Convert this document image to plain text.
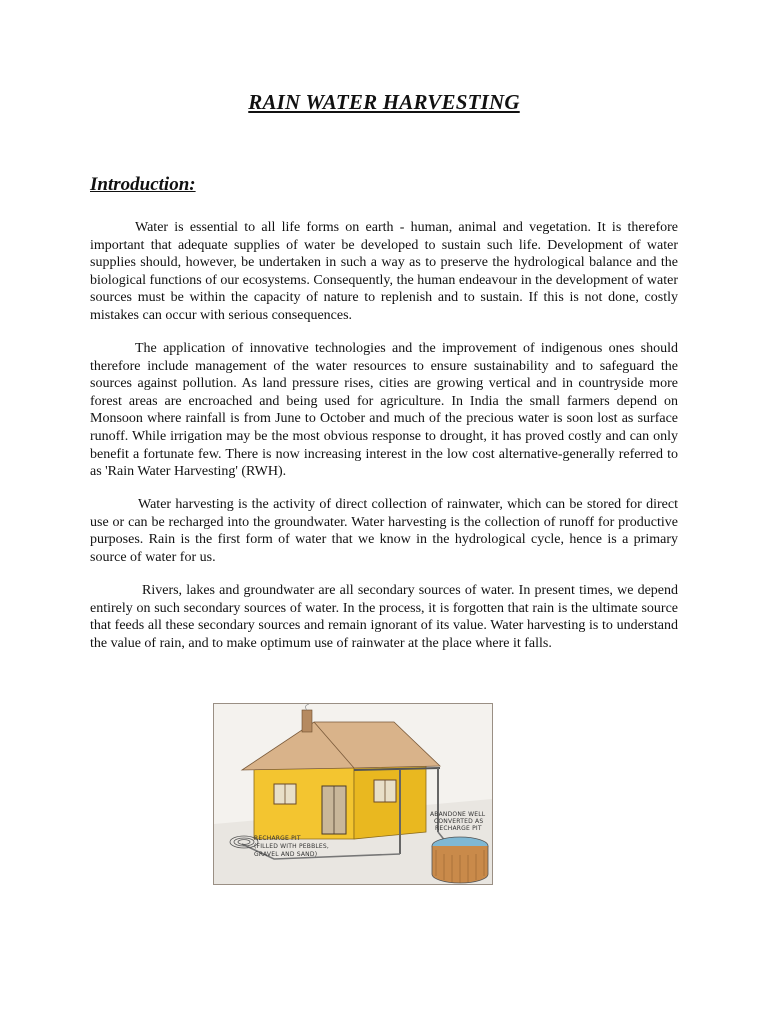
RAIN WATER HARVESTING
Introduction:
Water is essential to all life forms on earth - human, animal and vegetation. It is therefore important that adequate supplies of water be developed to sustain such life. Development of water supplies should, however, be undertaken in such a way as to preserve the hydrological balance and the biological functions of our ecosystems. Consequently, the human endeavour in the development of water sources must be within the capacity of nature to replenish and to sustain. If this is not done, costly mistakes can occur with serious consequences.
The application of innovative technologies and the improvement of indigenous ones should therefore include management of the water resources to ensure sustainability and to safeguard the sources against pollution. As land pressure rises, cities are growing vertical and in countryside more forest areas are encroached and being used for agriculture. In India the small farmers depend on Monsoon where rainfall is from June to October and much of the precious water is soon lost as surface runoff. While irrigation may be the most obvious response to drought, it has proved costly and can only benefit a fortunate few. There is now increasing interest in the low cost alternative-generally referred to as 'Rain Water Harvesting' (RWH).
Water harvesting is the activity of direct collection of rainwater, which can be stored for direct use or can be recharged into the groundwater. Water harvesting is the collection of runoff for productive purposes. Rain is the first form of water that we know in the hydrological cycle, hence is a primary source of water for us.
Rivers, lakes and groundwater are all secondary sources of water. In present times, we depend entirely on such secondary sources of water. In the process, it is forgotten that rain is the ultimate source that feeds all these secondary sources and remain ignorant of its value. Water harvesting is to understand the value of rain, and to make optimum use of rainwater at the place where it falls.
ABANDONE WELL
CONVERTED AS
RECHARGE PIT
RECHARGE PIT
(FILLED WITH PEBBLES,
GRAVEL AND SAND)
